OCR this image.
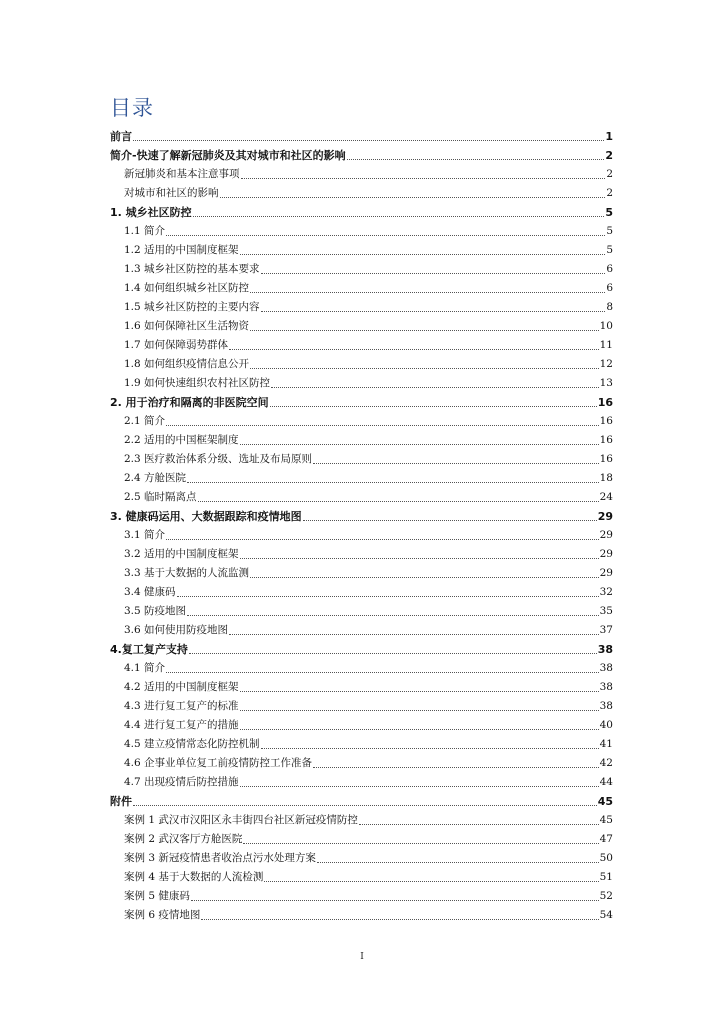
目录
前言	1
简介-快速了解新冠肺炎及其对城市和社区的影响	2
新冠肺炎和基本注意事项	2
对城市和社区的影响	2
1. 城乡社区防控	5
1.1 简介	5
1.2 适用的中国制度框架	5
1.3 城乡社区防控的基本要求	6
1.4 如何组织城乡社区防控	6
1.5 城乡社区防控的主要内容	8
1.6 如何保障社区生活物资	10
1.7 如何保障弱势群体	11
1.8 如何组织疫情信息公开	12
1.9 如何快速组织农村社区防控	13
2. 用于治疗和隔离的非医院空间	16
2.1 简介	16
2.2 适用的中国框架制度	16
2.3 医疗救治体系分级、选址及布局原则	16
2.4 方舱医院	18
2.5 临时隔离点	24
3. 健康码运用、大数据跟踪和疫情地图	29
3.1 简介	29
3.2 适用的中国制度框架	29
3.3 基于大数据的人流监测	29
3.4 健康码	32
3.5 防疫地图	35
3.6 如何使用防疫地图	37
4.复工复产支持	38
4.1 简介	38
4.2 适用的中国制度框架	38
4.3 进行复工复产的标准	38
4.4 进行复工复产的措施	40
4.5 建立疫情常态化防控机制	41
4.6 企事业单位复工前疫情防控工作准备	42
4.7 出现疫情后防控措施	44
附件	45
案例 1 武汉市汉阳区永丰街四台社区新冠疫情防控	45
案例 2 武汉客厅方舱医院	47
案例 3 新冠疫情患者收治点污水处理方案	50
案例 4 基于大数据的人流检测	51
案例 5 健康码	52
案例 6 疫情地图	54
I
